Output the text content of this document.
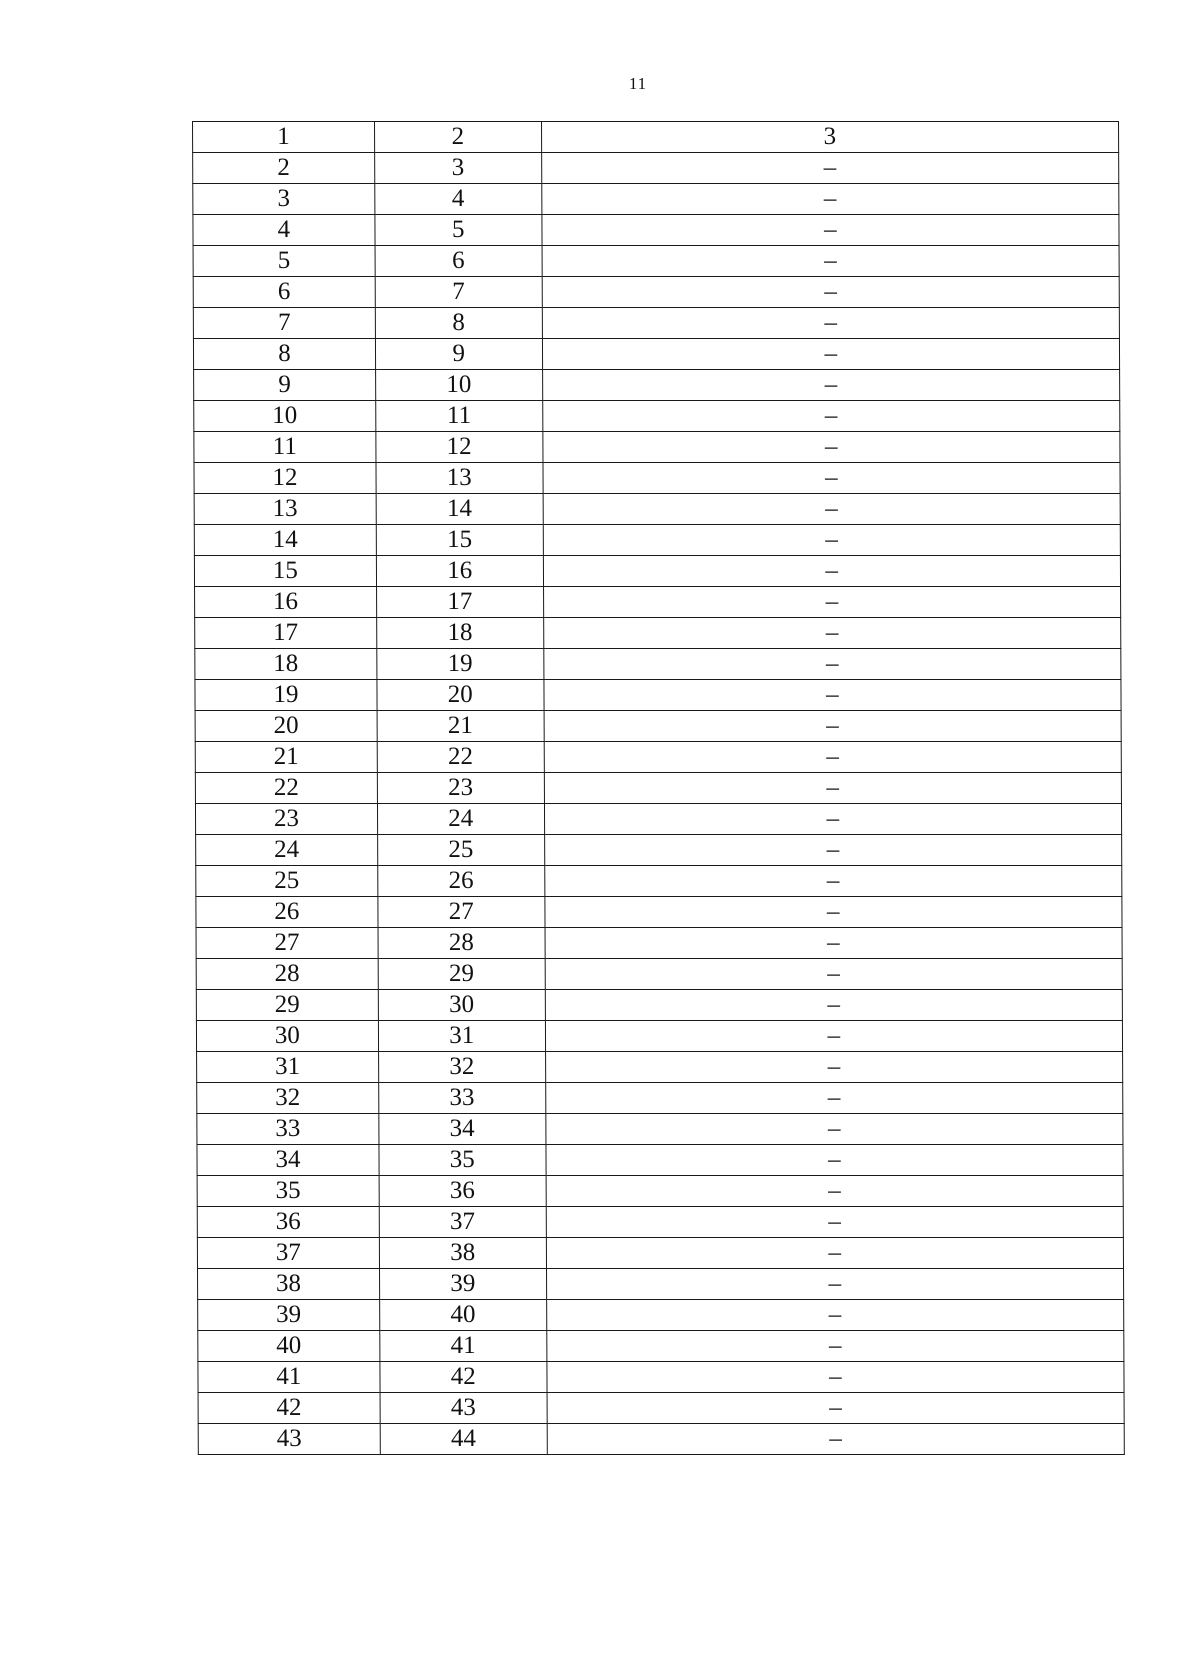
11
1	2	3
2	3	–
3	4	–
4	5	–
5	6	–
6	7	–
7	8	–
8	9	–
9	10	–
10	11	–
11	12	–
12	13	–
13	14	–
14	15	–
15	16	–
16	17	–
17	18	–
18	19	–
19	20	–
20	21	–
21	22	–
22	23	–
23	24	–
24	25	–
25	26	–
26	27	–
27	28	–
28	29	–
29	30	–
30	31	–
31	32	–
32	33	–
33	34	–
34	35	–
35	36	–
36	37	–
37	38	–
38	39	–
39	40	–
40	41	–
41	42	–
42	43	–
43	44	–
